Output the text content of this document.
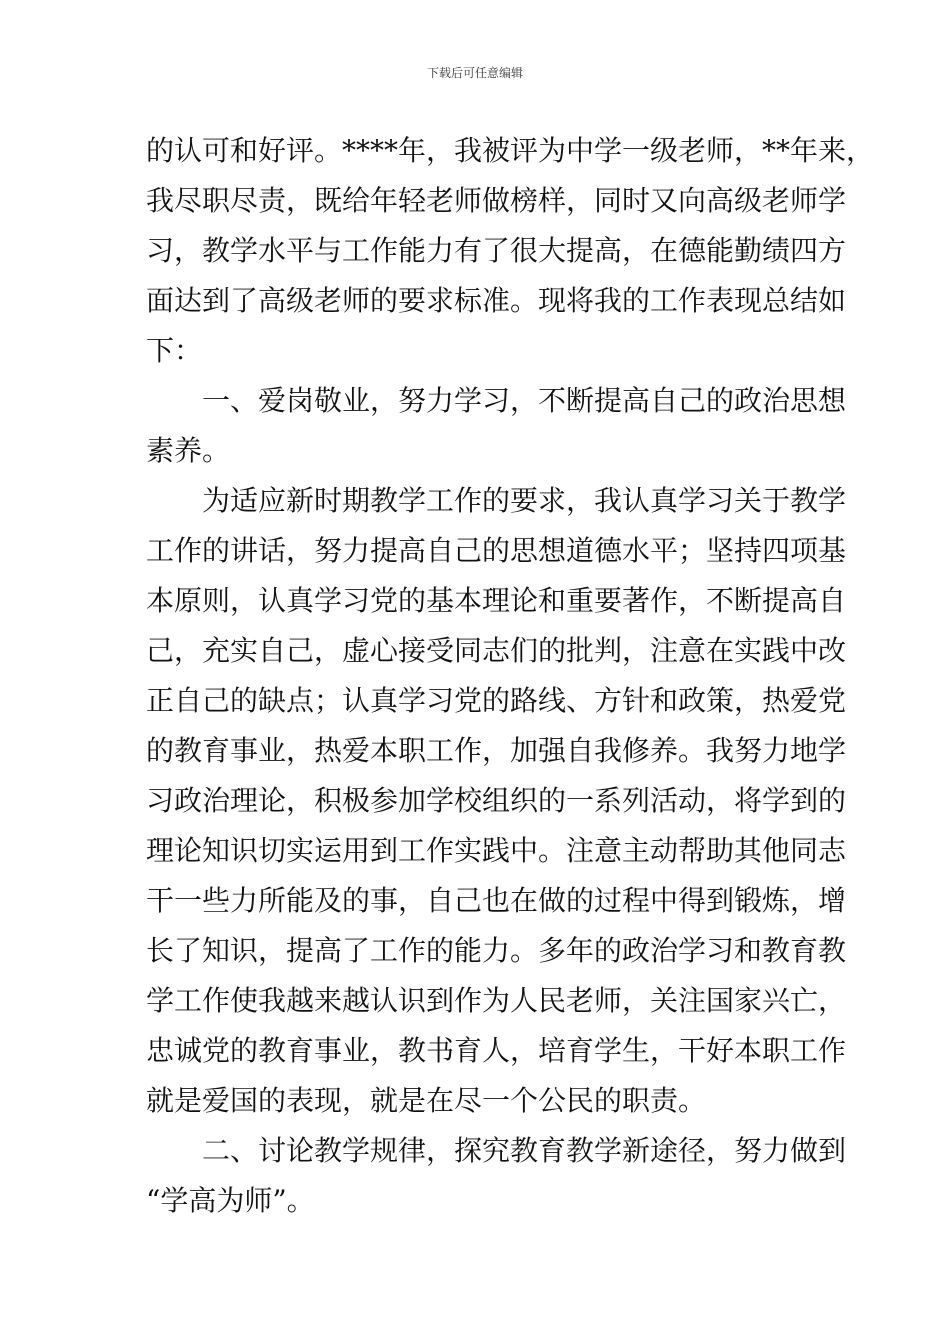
下载后可任意编辑
的认可和好评。****年，我被评为中学一级老师，**年来，
我尽职尽责，既给年轻老师做榜样，同时又向高级老师学
习，教学水平与工作能力有了很大提高，在德能勤绩四方
面达到了高级老师的要求标准。现将我的工作表现总结如
下：
一、爱岗敬业，努力学习，不断提高自己的政治思想
素养。
为适应新时期教学工作的要求，我认真学习关于教学
工作的讲话，努力提高自己的思想道德水平；坚持四项基
本原则，认真学习党的基本理论和重要著作，不断提高自
己，充实自己，虚心接受同志们的批判，注意在实践中改
正自己的缺点；认真学习党的路线、方针和政策，热爱党
的教育事业，热爱本职工作，加强自我修养。我努力地学
习政治理论，积极参加学校组织的一系列活动，将学到的
理论知识切实运用到工作实践中。注意主动帮助其他同志
干一些力所能及的事，自己也在做的过程中得到锻炼，增
长了知识，提高了工作的能力。多年的政治学习和教育教
学工作使我越来越认识到作为人民老师，关注国家兴亡，
忠诚党的教育事业，教书育人，培育学生，干好本职工作
就是爱国的表现，就是在尽一个公民的职责。
二、讨论教学规律，探究教育教学新途径，努力做到
“学高为师”。
